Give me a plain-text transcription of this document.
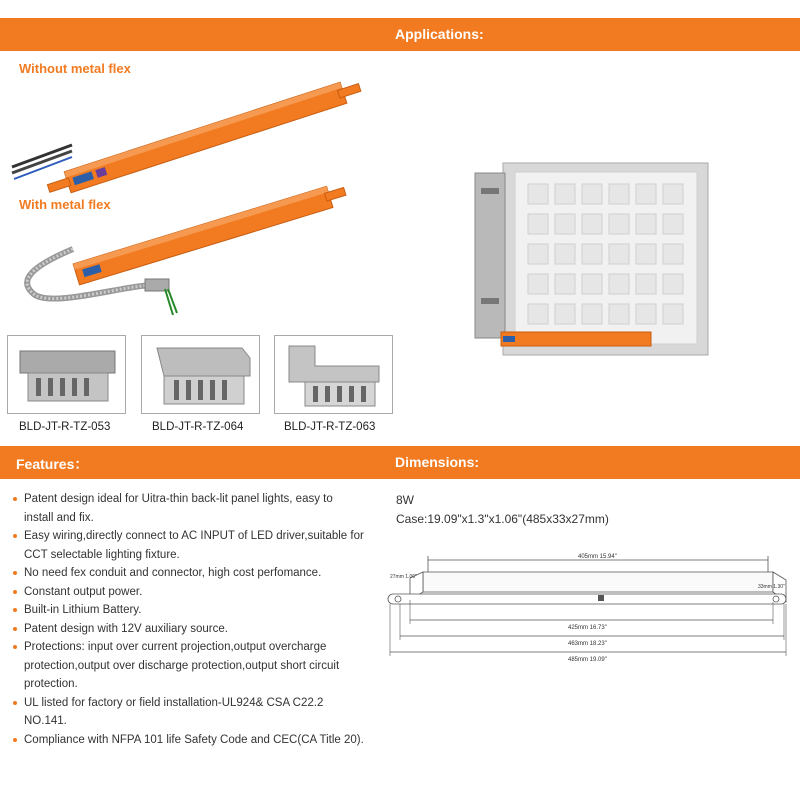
Applications:
Without metal flex
With metal flex
BLD-JT-R-TZ-053	BLD-JT-R-TZ-064	BLD-JT-R-TZ-063
Features：	Dimensions:
Patent design ideal for Uitra-thin back-lit panel lights, easy to install and fix.
Easy wiring,directly connect to AC INPUT of LED driver,suitable for CCT selectable lighting fixture.
No need fex conduit and connector, high cost perfomance.
Constant output power.
Built-in Lithium Battery.
Patent design with 12V auxiliary source.
Protections: input over current projection,output overcharge protection,output over discharge protection,output short circuit protection.
UL listed for factory or field installation-UL924& CSA C22.2 NO.141.
Compliance with NFPA 101 life Safety Code and CEC(CA Title 20).
8W
Case:19.09"x1.3"x1.06"(485x33x27mm)
405mm 15.94"
27mm 1.06"
33mm 1.30"
425mm 16.73"
463mm 18.23"
485mm 19.09"
